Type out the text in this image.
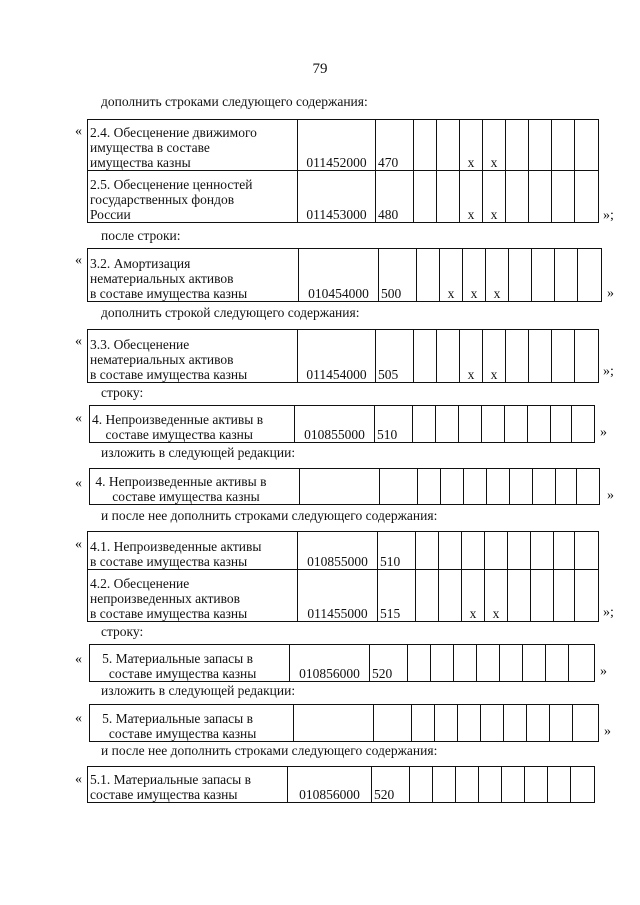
79
дополнить строками следующего содержания:
« 2.4. Обесценение движимого
имущества в составе
имущества казны	011452000	470			x	x				
2.5. Обесценение ценностей
государственных фондов
России	011453000	480			x	x					»;
после строки:
« 3.2. Амортизация
нематериальных активов
в составе имущества казны	010454000	500		x	x	x					»
дополнить строкой следующего содержания:
« 3.3. Обесценение
нематериальных активов
в составе имущества казны	011454000	505			x	x					»;
строку:
« 4. Непроизведенные активы в
составе имущества казны	010855000	510									»
изложить в следующей редакции:
« 4. Непроизведенные активы в
составе имущества казны											»
и после нее дополнить строками следующего содержания:
« 4.1. Непроизведенные активы
в составе имущества казны	010855000	510								
4.2. Обесценение
непроизведенных активов
в составе имущества казны	011455000	515			x	x					»;
строку:
« 5. Материальные запасы в
составе имущества казны	010856000	520									»
изложить в следующей редакции:
« 5. Материальные запасы в
составе имущества казны											»
и после нее дополнить строками следующего содержания:
« 5.1. Материальные запасы в
составе имущества казны	010856000	520								
